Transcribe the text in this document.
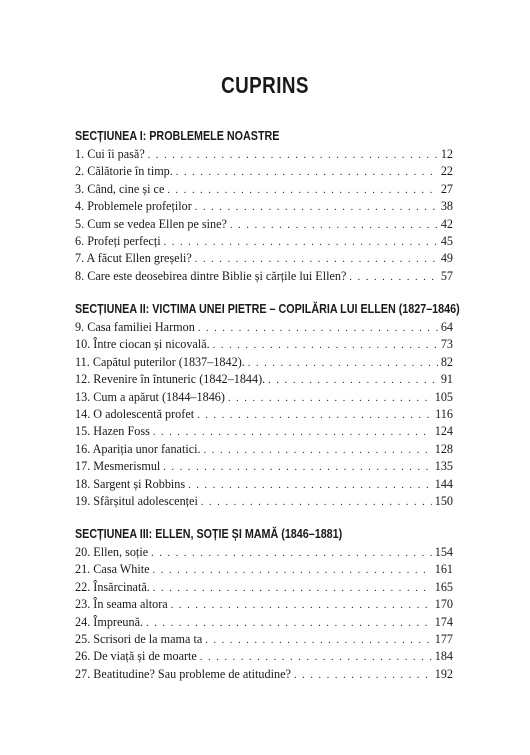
CUPRINS
SECȚIUNEA I: PROBLEMELE NOASTRE
1. Cui îi pasă? . . .	12
2. Călătorie în timp. . . .	22
3. Când, cine și ce . . .	27
4. Problemele profeților . . .	38
5. Cum se vedea Ellen pe sine? . . .	42
6. Profeți perfecți . . .	45
7. A făcut Ellen greșeli? . . .	49
8. Care este deosebirea dintre Biblie și cărțile lui Ellen? . . .	57
SECȚIUNEA II: VICTIMA UNEI PIETRE – COPILĂRIA LUI ELLEN (1827–1846)
9. Casa familiei Harmon . . .	64
10. Între ciocan și nicovală. . . .	73
11. Capătul puterilor (1837–1842). . . .	82
12. Revenire în întuneric (1842–1844). . . .	91
13. Cum a apărut (1844–1846) . . .	105
14. O adolescentă profet . . .	116
15. Hazen Foss . . .	124
16. Apariția unor fanatici. . . .	128
17. Mesmerismul . . .	135
18. Sargent și Robbins . . .	144
19. Sfârșitul adolescenței . . .	150
SECȚIUNEA III: ELLEN, SOȚIE ȘI MAMĂ (1846–1881)
20. Ellen, soție . . .	154
21. Casa White . . .	161
22. Însărcinată. . . .	165
23. În seama altora . . .	170
24. Împreună. . . .	174
25. Scrisori de la mama ta . . .	177
26. De viață și de moarte . . .	184
27. Beatitudine? Sau probleme de atitudine? . . .	192
